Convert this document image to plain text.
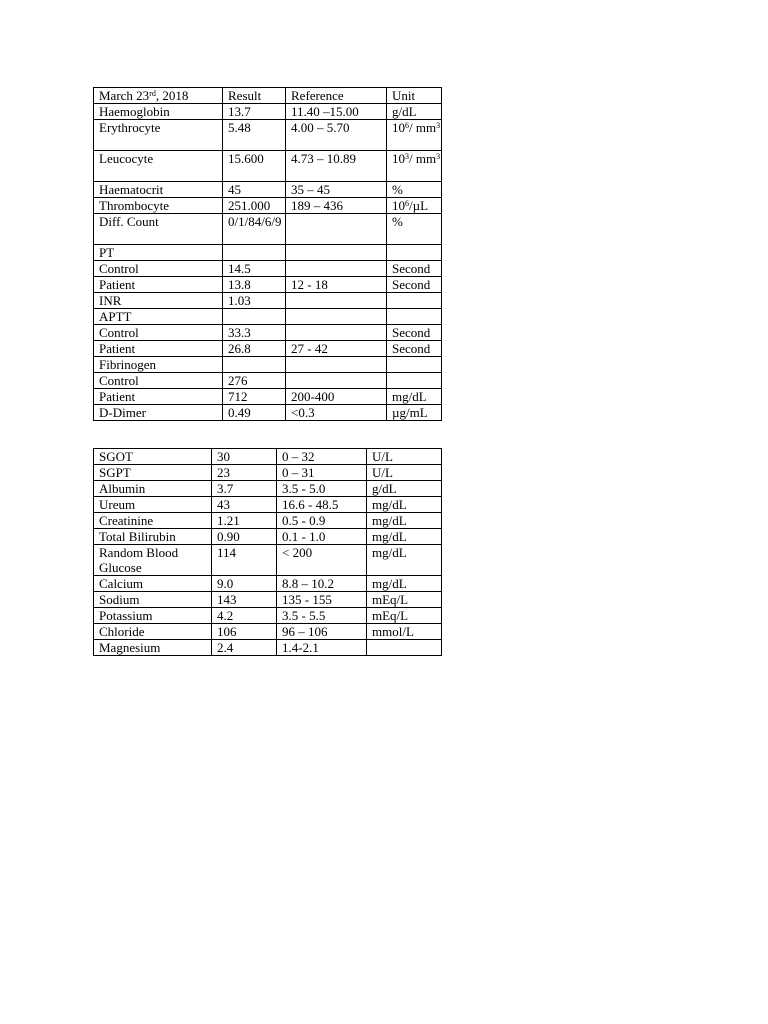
March 23rd, 2018	Result	Reference	Unit
Haemoglobin	13.7	11.40 –15.00	g/dL
Erythrocyte	5.48	4.00 – 5.70	$10^6/$ $mm^3$
Leucocyte	15.600	4.73 – 10.89	$10^3/$ $mm^3$
Haematocrit	45	35 – 45	%
Thrombocyte	251.000	189 – 436	$10^6/\mu L$
Diff. Count	0/1/84/6/9		%
PT			
Control	14.5		Second
Patient	13.8	12 - 18	Second
INR	1.03		
APTT			
Control	33.3		Second
Patient	26.8	27 - 42	Second
Fibrinogen			
Control	276		
Patient	712	200-400	mg/dL
D-Dimer	0.49	<0.3	µg/mL
SGOT	30	0 – 32	U/L
SGPT	23	0 – 31	U/L
Albumin	3.7	3.5 - 5.0	g/dL
Ureum	43	16.6 - 48.5	mg/dL
Creatinine	1.21	0.5 - 0.9	mg/dL
Total Bilirubin	0.90	0.1 - 1.0	mg/dL
Random Blood Glucose	114	< 200	mg/dL
Calcium	9.0	8.8 – 10.2	mg/dL
Sodium	143	135 - 155	mEq/L
Potassium	4.2	3.5 - 5.5	mEq/L
Chloride	106	96 – 106	mmol/L
Magnesium	2.4	1.4-2.1	
